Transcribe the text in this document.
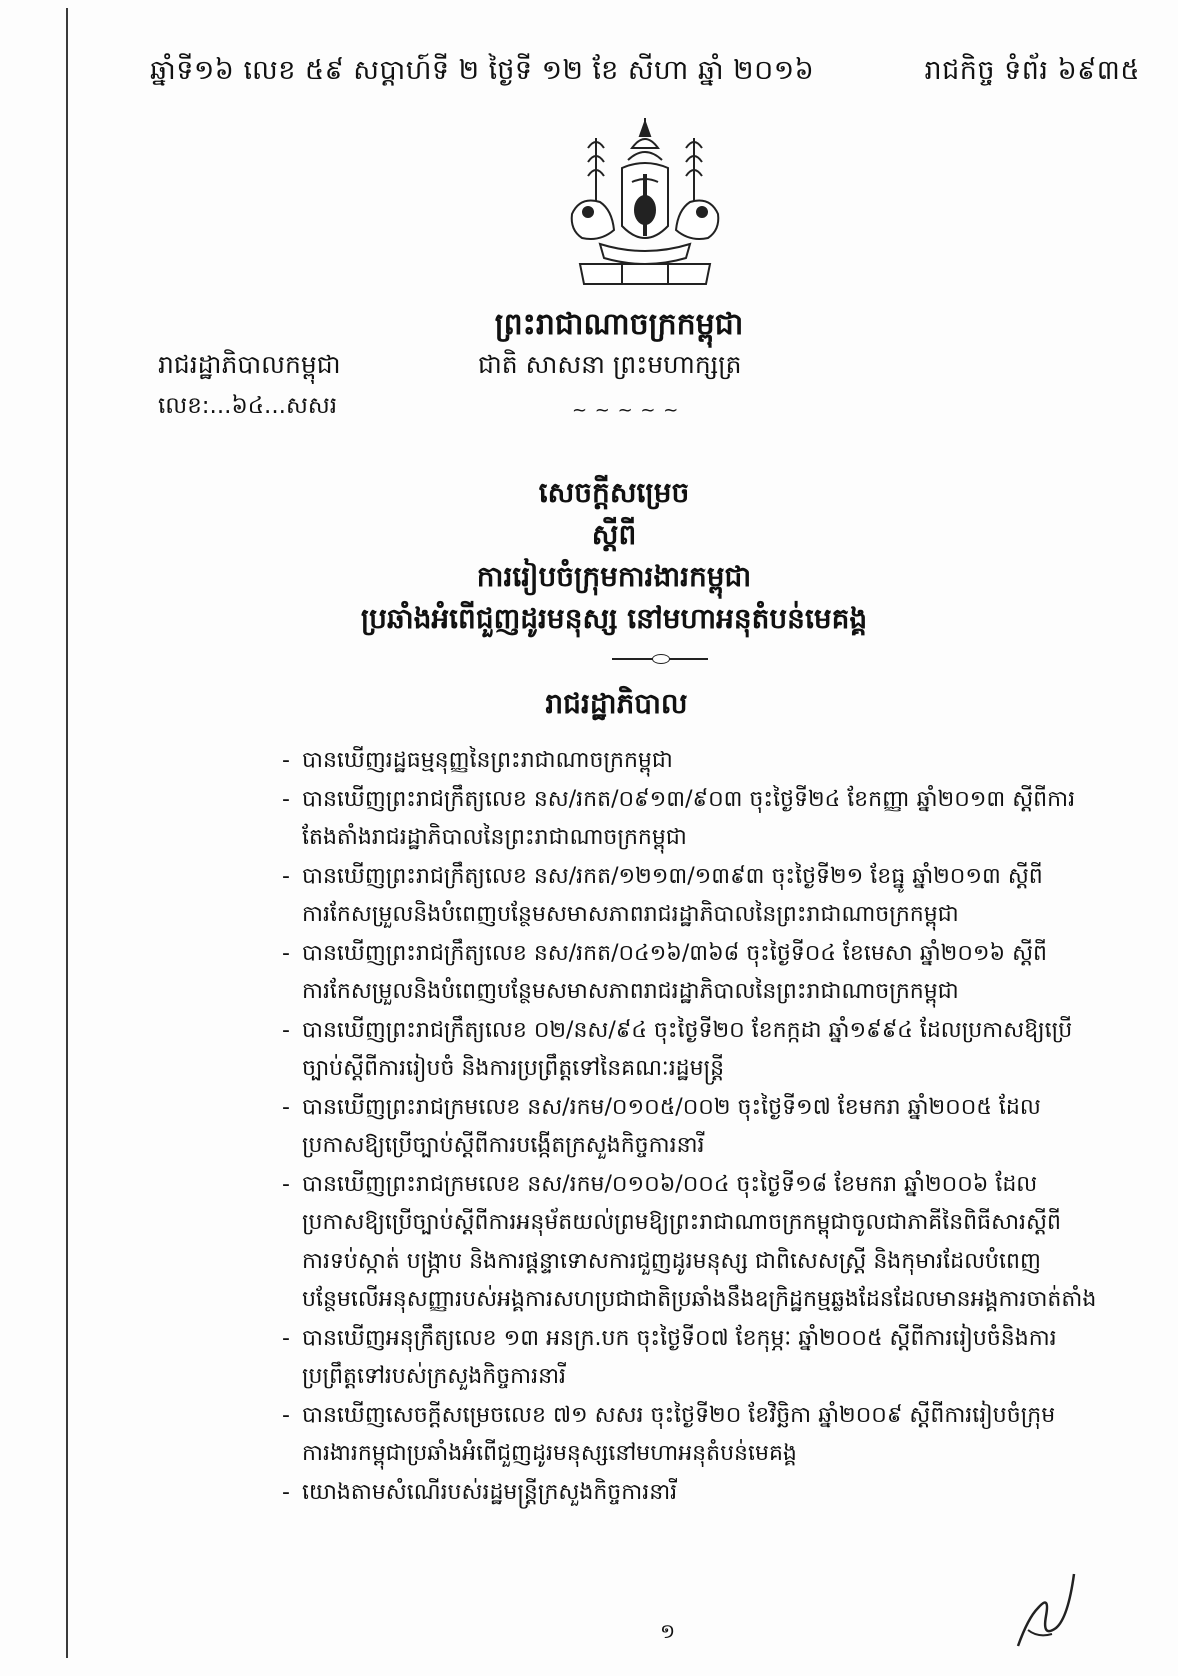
ឆ្នាំទី១៦ លេខ ៥៩ សប្តាហ៍ទី ២ ថ្ងៃទី ១២ ខែ សីហា ឆ្នាំ ២០១៦	រាជកិច្ច ទំព័រ ៦៩៣៥
ព្រះរាជាណាចក្រកម្ពុជា
រាជរដ្ឋាភិបាលកម្ពុជា	ជាតិ សាសនា ព្រះមហាក្សត្រ
លេខ:...៦៤...សសរ	~ ~ ~ ~ ~
សេចក្តីសម្រេច
ស្តីពី
ការរៀបចំក្រុមការងារកម្ពុជា
ប្រឆាំងអំពើជួញដូរមនុស្ស នៅមហាអនុតំបន់មេគង្គ
រាជរដ្ឋាភិបាល
- បានឃើញរដ្ឋធម្មនុញ្ញនៃព្រះរាជាណាចក្រកម្ពុជា
- បានឃើញព្រះរាជក្រឹត្យលេខ នស/រកត/០៩១៣/៩០៣ ចុះថ្ងៃទី២៤ ខែកញ្ញា ឆ្នាំ២០១៣ ស្តីពីការតែងតាំងរាជរដ្ឋាភិបាលនៃព្រះរាជាណាចក្រកម្ពុជា
- បានឃើញព្រះរាជក្រឹត្យលេខ នស/រកត/១២១៣/១៣៩៣ ចុះថ្ងៃទី២១ ខែធ្នូ ឆ្នាំ២០១៣ ស្តីពីការកែសម្រួលនិងបំពេញបន្ថែមសមាសភាពរាជរដ្ឋាភិបាលនៃព្រះរាជាណាចក្រកម្ពុជា
- បានឃើញព្រះរាជក្រឹត្យលេខ នស/រកត/០៤១៦/៣៦៨ ចុះថ្ងៃទី០៤ ខែមេសា ឆ្នាំ២០១៦ ស្តីពីការកែសម្រួលនិងបំពេញបន្ថែមសមាសភាពរាជរដ្ឋាភិបាលនៃព្រះរាជាណាចក្រកម្ពុជា
- បានឃើញព្រះរាជក្រឹត្យលេខ ០២/នស/៩៤ ចុះថ្ងៃទី២០ ខែកក្កដា ឆ្នាំ១៩៩៤ ដែលប្រកាសឱ្យប្រើច្បាប់ស្តីពីការរៀបចំ និងការប្រព្រឹត្តទៅនៃគណៈរដ្ឋមន្ត្រី
- បានឃើញព្រះរាជក្រមលេខ នស/រកម/០១០៥/០០២ ចុះថ្ងៃទី១៧ ខែមករា ឆ្នាំ២០០៥ ដែលប្រកាសឱ្យប្រើច្បាប់ស្តីពីការបង្កើតក្រសួងកិច្ចការនារី
- បានឃើញព្រះរាជក្រមលេខ នស/រកម/០១០៦/០០៤ ចុះថ្ងៃទី១៨ ខែមករា ឆ្នាំ២០០៦ ដែលប្រកាសឱ្យប្រើច្បាប់ស្តីពីការអនុម័តយល់ព្រមឱ្យព្រះរាជាណាចក្រកម្ពុជាចូលជាភាគីនៃពិធីសារស្តីពីការទប់ស្កាត់ បង្ក្រាប និងការផ្តន្ទាទោសការជួញដូរមនុស្ស ជាពិសេសស្ត្រី និងកុមារដែលបំពេញបន្ថែមលើអនុសញ្ញារបស់អង្គការសហប្រជាជាតិប្រឆាំងនឹងឧក្រិដ្ឋកម្មឆ្លងដែនដែលមានអង្គការចាត់តាំង
- បានឃើញអនុក្រឹត្យលេខ ១៣ អនក្រ.បក ចុះថ្ងៃទី០៧ ខែកុម្ភៈ ឆ្នាំ២០០៥ ស្តីពីការរៀបចំនិងការប្រព្រឹត្តទៅរបស់ក្រសួងកិច្ចការនារី
- បានឃើញសេចក្តីសម្រេចលេខ ៧១ សសរ ចុះថ្ងៃទី២០ ខែវិច្ឆិកា ឆ្នាំ២០០៩ ស្តីពីការរៀបចំក្រុមការងារកម្ពុជាប្រឆាំងអំពើជួញដូរមនុស្សនៅមហាអនុតំបន់មេគង្គ
- យោងតាមសំណើរបស់រដ្ឋមន្ត្រីក្រសួងកិច្ចការនារី
១
